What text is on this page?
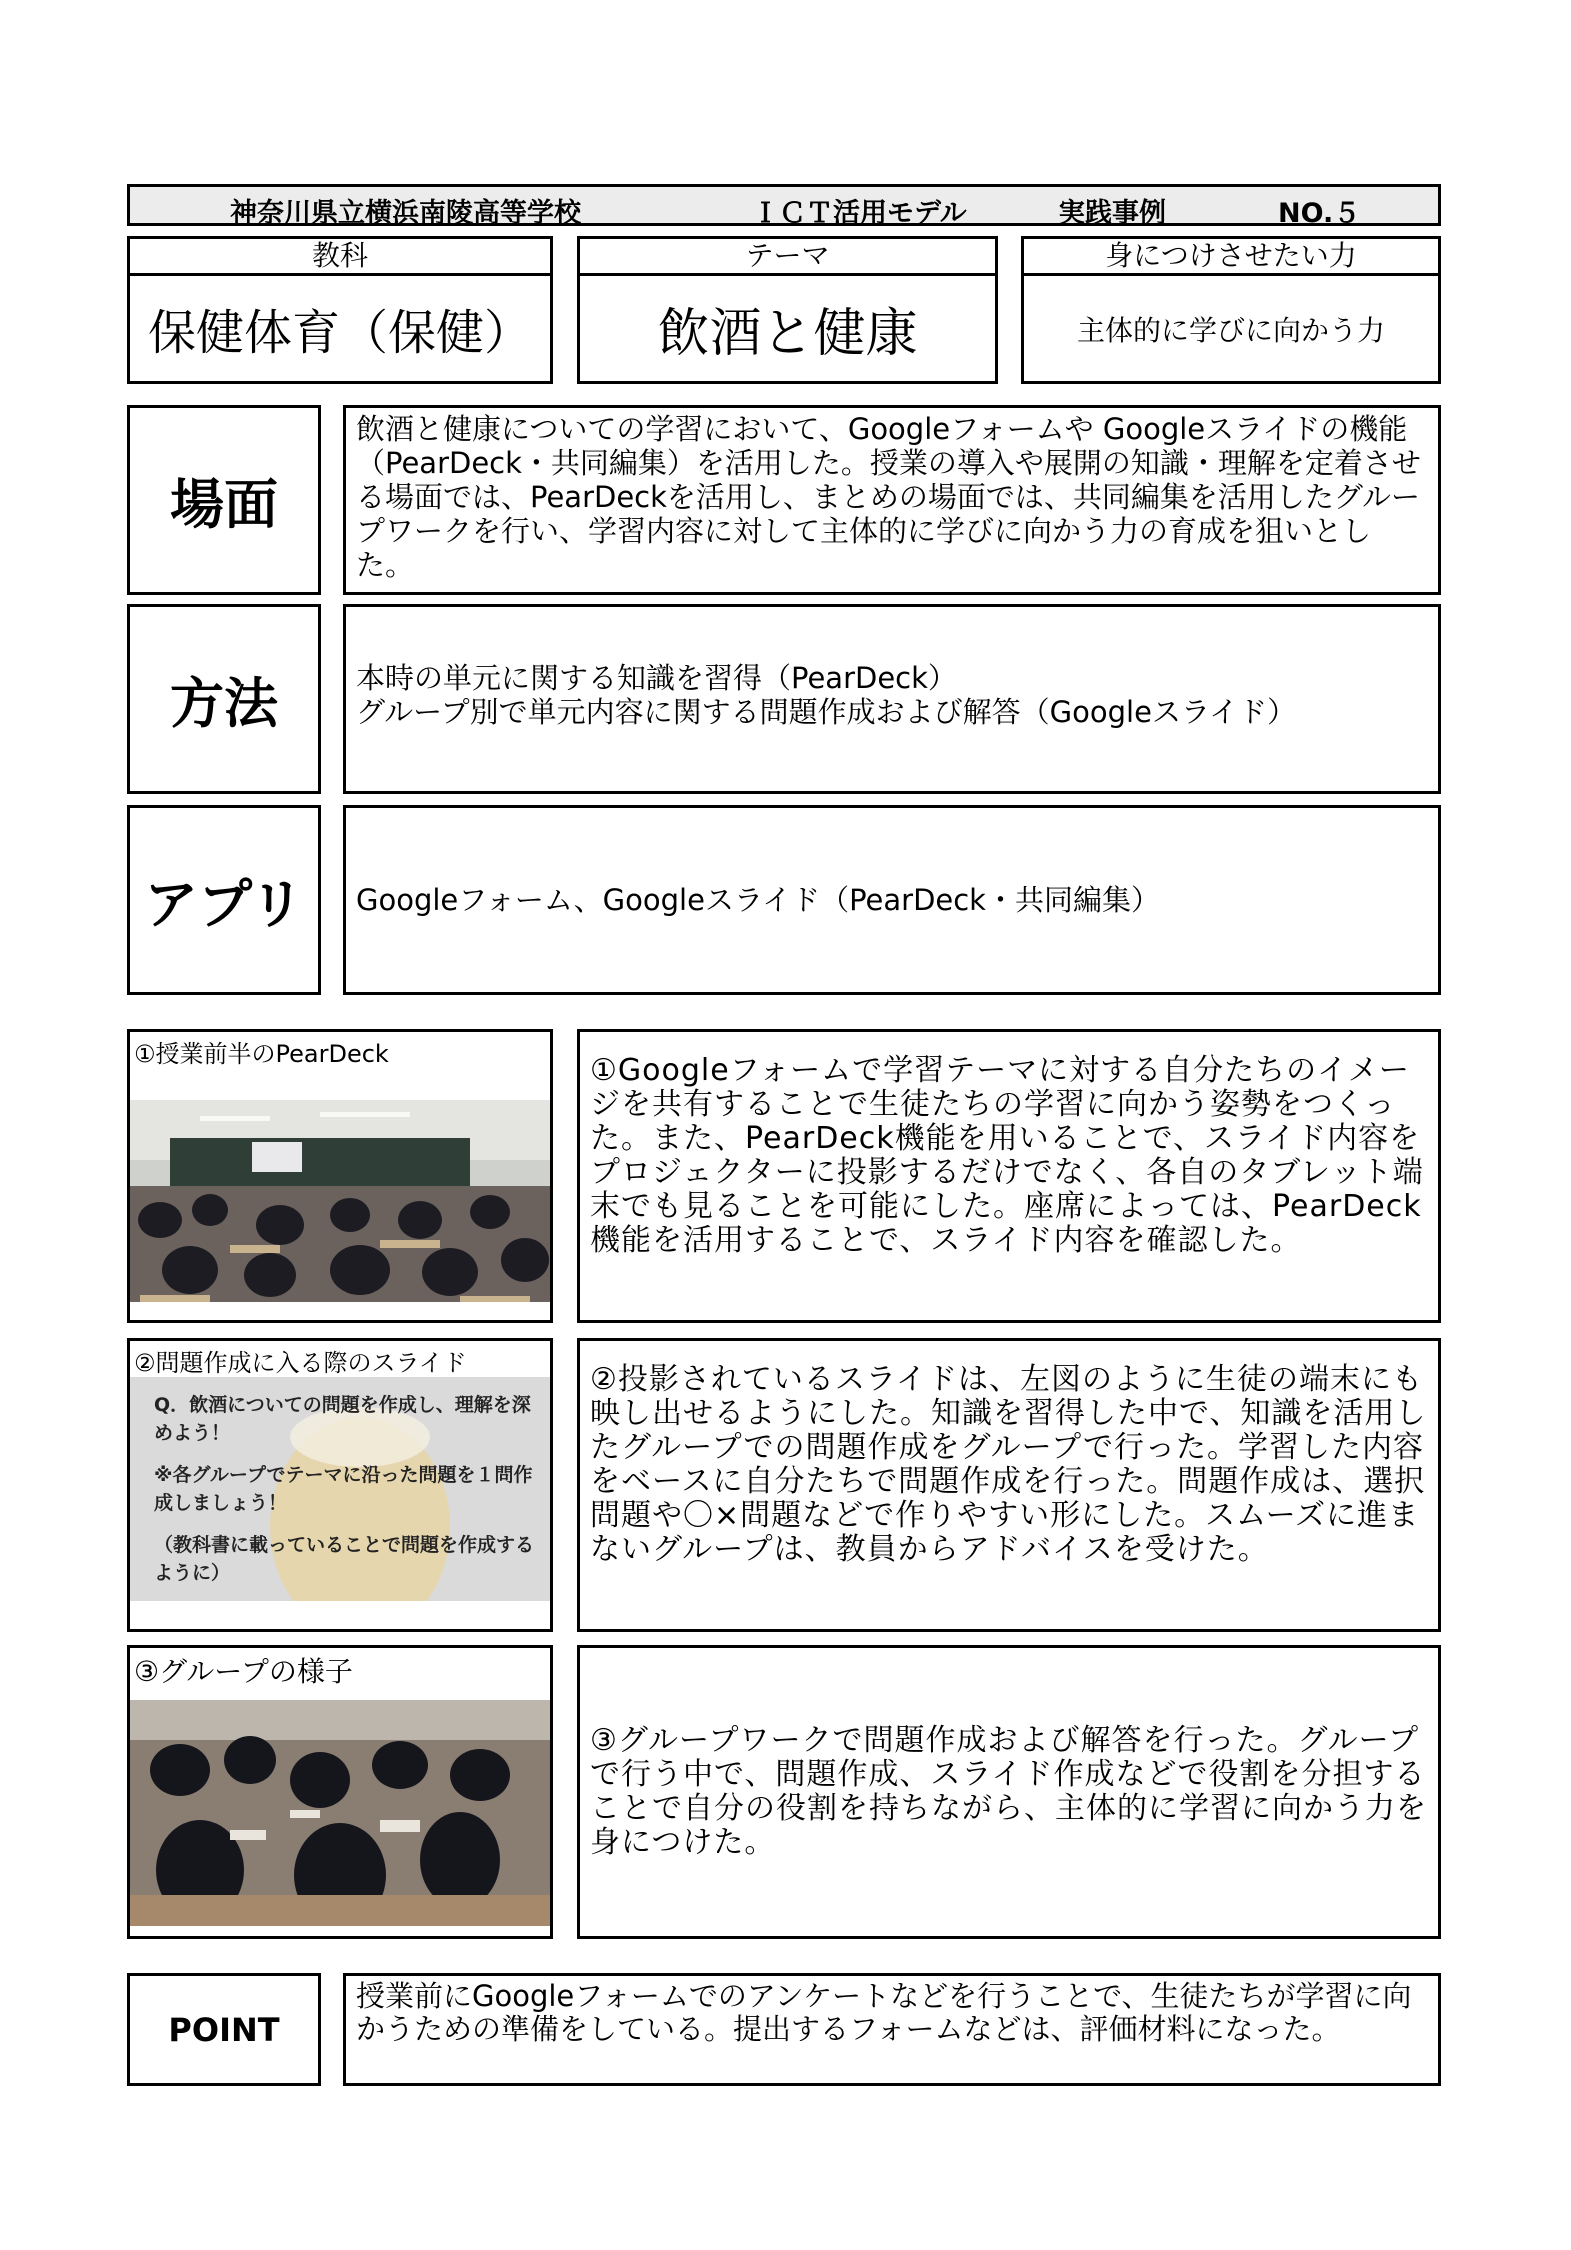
神奈川県立横浜南陵高等学校	ＩＣＴ活用モデル	実践事例	NO.５
教科
保健体育（保健）
テーマ
飲酒と健康
身につけさせたい力
主体的に学びに向かう力
場面
飲酒と健康についての学習において、Googleフォームや Googleスライドの機能（PearDeck・共同編集）を活用した。授業の導入や展開の知識・理解を定着させる場面では、PearDeckを活用し、まとめの場面では、共同編集を活用したグループワークを行い、学習内容に対して主体的に学びに向かう力の育成を狙いとした。
方法	本時の単元に関する知識を習得（PearDeck）
グループ別で単元内容に関する問題作成および解答（Googleスライド）
アプリ	Googleフォーム、Googleスライド（PearDeck・共同編集）
①授業前半のPearDeck	①Googleフォームで学習テーマに対する自分たちのイメージを共有することで生徒たちの学習に向かう姿勢をつくった。また、PearDeck機能を用いることで、スライド内容をプロジェクターに投影するだけでなく、各自のタブレット端末でも見ることを可能にした。座席によっては、PearDeck機能を活用することで、スライド内容を確認した。
②問題作成に入る際のスライド

Q．飲酒についての問題を作成し、理解を深めよう！

※各グループでテーマに沿った問題を１問作成しましょう！

（教科書に載っていることで問題を作成するように）

②投影されているスライドは、左図のように生徒の端末にも映し出せるようにした。知識を習得した中で、知識を活用したグループでの問題作成をグループで行った。学習した内容をベースに自分たちで問題作成を行った。問題作成は、選択問題や〇×問題などで作りやすい形にした。スムーズに進まないグループは、教員からアドバイスを受けた。
③グループの様子
③グループワークで問題作成および解答を行った。グループで行う中で、問題作成、スライド作成などで役割を分担することで自分の役割を持ちながら、主体的に学習に向かう力を身につけた。
POINT
授業前にGoogleフォームでのアンケートなどを行うことで、生徒たちが学習に向かうための準備をしている。提出するフォームなどは、評価材料になった。
